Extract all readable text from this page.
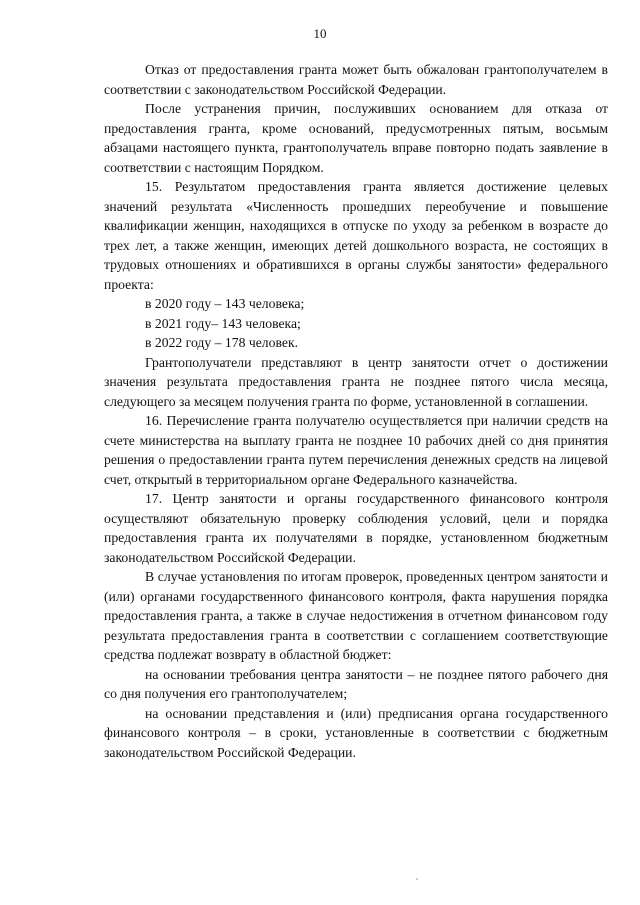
10

Отказ от предоставления гранта может быть обжалован грантополучателем в соответствии с законодательством Российской Федерации.

После устранения причин, послуживших основанием для отказа от предоставления гранта, кроме оснований, предусмотренных пятым, восьмым абзацами настоящего пункта, грантополучатель вправе повторно подать заявление в соответствии с настоящим Порядком.

15. Результатом предоставления гранта является достижение целевых значений результата «Численность прошедших переобучение и повышение квалификации женщин, находящихся в отпуске по уходу за ребенком в возрасте до трех лет, а также женщин, имеющих детей дошкольного возраста, не состоящих в трудовых отношениях и обратившихся в органы службы занятости» федерального проекта:

в 2020 году – 143 человека;

в 2021 году– 143 человека;

в 2022 году – 178 человек.

Грантополучатели представляют в центр занятости отчет о достижении значения результата предоставления гранта не позднее пятого числа месяца, следующего за месяцем получения гранта по форме, установленной в соглашении.

16. Перечисление гранта получателю осуществляется при наличии средств на счете министерства на выплату гранта не позднее 10 рабочих дней со дня принятия решения о предоставлении гранта путем перечисления денежных средств на лицевой счет, открытый в территориальном органе Федерального казначейства.

17. Центр занятости и органы государственного финансового контроля осуществляют обязательную проверку соблюдения условий, цели и порядка предоставления гранта их получателями в порядке, установленном бюджетным законодательством Российской Федерации.

В случае установления по итогам проверок, проведенных центром занятости и (или) органами государственного финансового контроля, факта нарушения порядка предоставления гранта, а также в случае недостижения в отчетном финансовом году результата предоставления гранта в соответствии с соглашением соответствующие средства подлежат возврату в областной бюджет:

на основании требования центра занятости – не позднее пятого рабочего дня со дня получения его грантополучателем;

на основании представления и (или) предписания органа государственного финансового контроля – в сроки, установленные в соответствии с бюджетным законодательством Российской Федерации.
